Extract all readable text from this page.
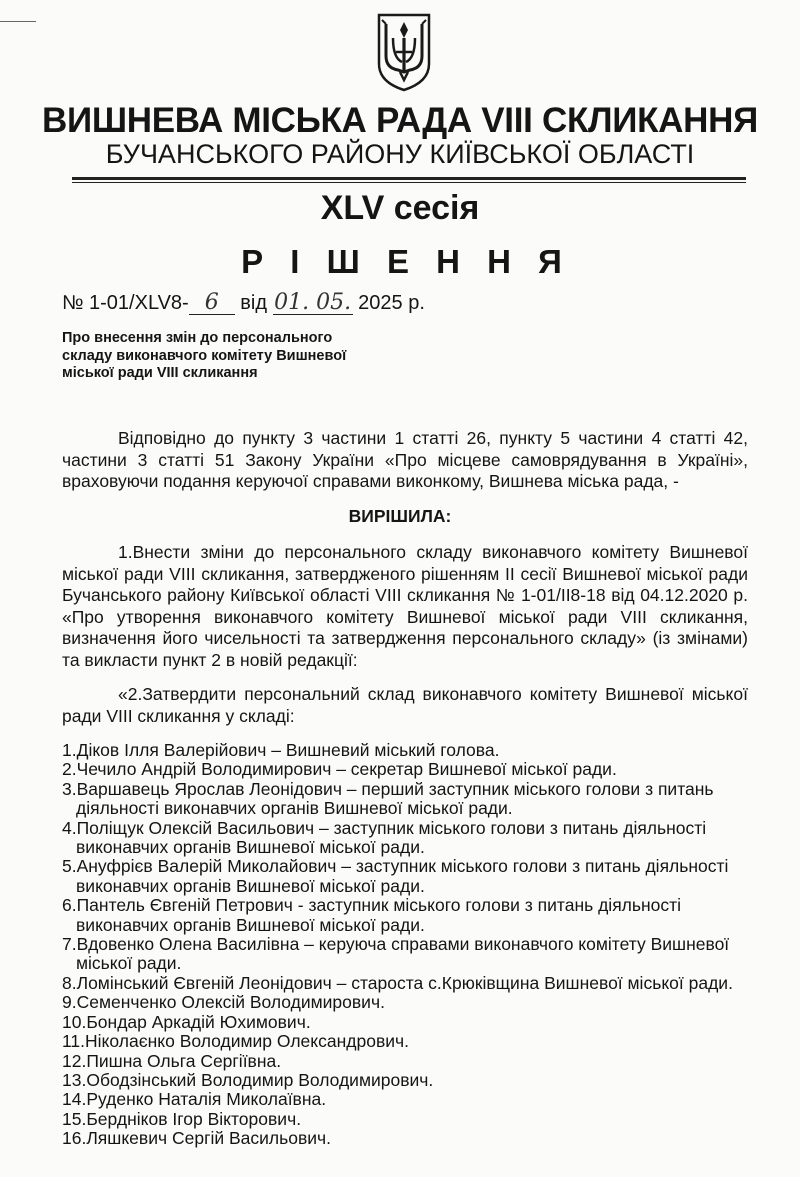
ВИШНЕВА МІСЬКА РАДА VIII СКЛИКАННЯ
БУЧАНСЬКОГО РАЙОНУ КИЇВСЬКОЇ ОБЛАСТІ
XLV сесія
Р І Ш Е Н Н Я
№ 1-01/XLV8- 6 від 01. 05. 2025 р.
Про внесення змін до персонального складу виконавчого комітету Вишневої міської ради VIII скликання
Відповідно до пункту 3 частини 1 статті 26, пункту 5 частини 4 статті 42, частини 3 статті 51 Закону України «Про місцеве самоврядування в Україні», враховуючи подання керуючої справами виконкому, Вишнева міська рада, -
ВИРІШИЛА:
1.Внести зміни до персонального складу виконавчого комітету Вишневої міської ради VIII скликання, затвердженого рішенням ІІ сесії Вишневої міської ради Бучанського району Київської області VIII скликання № 1-01/ІІ8-18 від 04.12.2020 р. «Про утворення виконавчого комітету Вишневої міської ради VIII скликання, визначення його чисельності та затвердження персонального складу» (із змінами) та викласти пункт 2 в новій редакції:
«2.Затвердити персональний склад виконавчого комітету Вишневої міської ради VIII скликання у складі:
1.Діков Ілля Валерійович – Вишневий міський голова.
2.Чечило Андрій Володимирович – секретар Вишневої міської ради.
3.Варшавець Ярослав Леонідович – перший заступник міського голови з питань
діяльності виконавчих органів Вишневої міської ради.
4.Поліщук Олексій Васильович – заступник міського голови з питань діяльності
виконавчих органів Вишневої міської ради.
5.Ануфрієв Валерій Миколайович – заступник міського голови з питань діяльності
виконавчих органів Вишневої міської ради.
6.Пантель Євгеній Петрович - заступник міського голови з питань діяльності
виконавчих органів Вишневої міської ради.
7.Вдовенко Олена Василівна – керуюча справами виконавчого комітету Вишневої
міської ради.
8.Ломінський Євгеній Леонідович – староста с.Крюківщина Вишневої міської ради.
9.Семенченко Олексій Володимирович.
10.Бондар Аркадій Юхимович.
11.Ніколаєнко Володимир Олександрович.
12.Пишна Ольга Сергіївна.
13.Ободзінський Володимир Володимирович.
14.Руденко Наталія Миколаївна.
15.Бердніков Ігор Вікторович.
16.Ляшкевич Сергій Васильович.
